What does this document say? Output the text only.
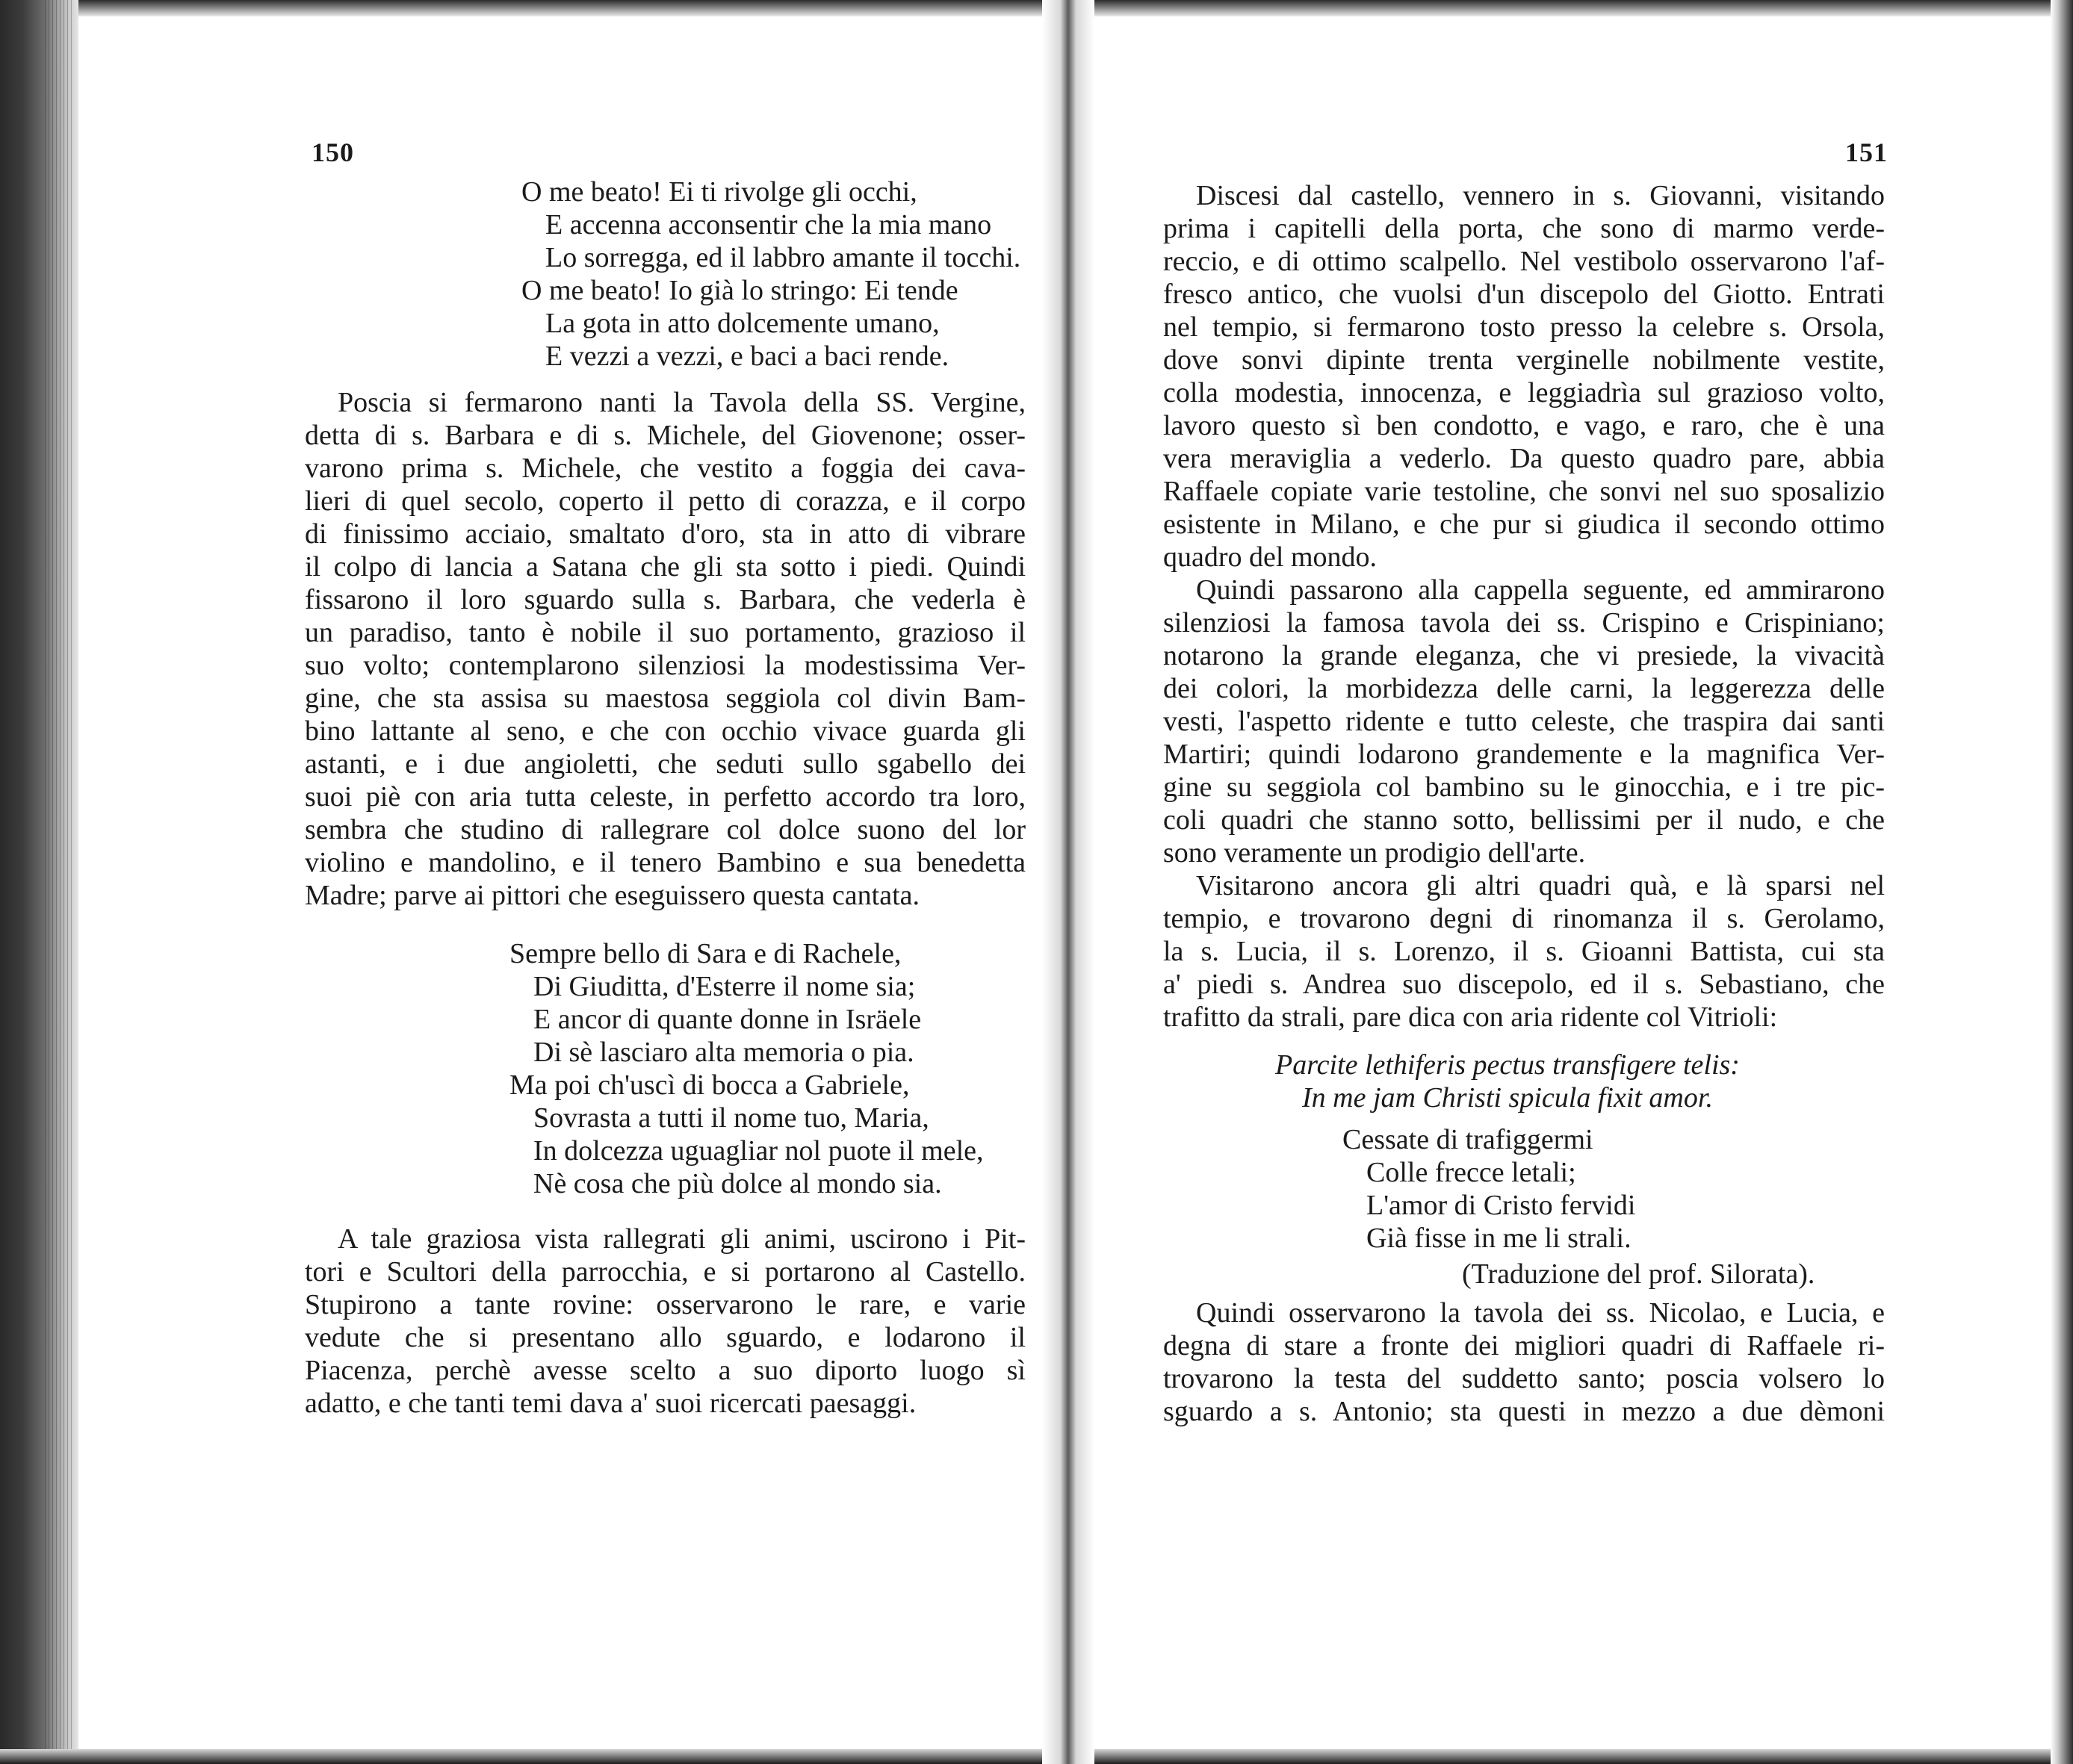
150
O me beato! Ei ti rivolge gli occhi,
E accenna acconsentir che la mia mano
Lo sorregga, ed il labbro amante il tocchi.
O me beato! Io già lo stringo: Ei tende
La gota in atto dolcemente umano,
E vezzi a vezzi, e baci a baci rende.
Poscia si fermarono nanti la Tavola della SS. Vergine,
detta di s. Barbara e di s. Michele, del Giovenone; osser-
varono prima s. Michele, che vestito a foggia dei cava-
lieri di quel secolo, coperto il petto di corazza, e il corpo
di finissimo acciaio, smaltato d'oro, sta in atto di vibrare
il colpo di lancia a Satana che gli sta sotto i piedi. Quindi
fissarono il loro sguardo sulla s. Barbara, che vederla è
un paradiso, tanto è nobile il suo portamento, grazioso il
suo volto; contemplarono silenziosi la modestissima Ver-
gine, che sta assisa su maestosa seggiola col divin Bam-
bino lattante al seno, e che con occhio vivace guarda gli
astanti, e i due angioletti, che seduti sullo sgabello dei
suoi piè con aria tutta celeste, in perfetto accordo tra loro,
sembra che studino di rallegrare col dolce suono del lor
violino e mandolino, e il tenero Bambino e sua benedetta
Madre; parve ai pittori che eseguissero questa cantata.
Sempre bello di Sara e di Rachele,
Di Giuditta, d'Esterre il nome sia;
E ancor di quante donne in Isräele
Di sè lasciaro alta memoria o pia.
Ma poi ch'uscì di bocca a Gabriele,
Sovrasta a tutti il nome tuo, Maria,
In dolcezza uguagliar nol puote il mele,
Nè cosa che più dolce al mondo sia.
A tale graziosa vista rallegrati gli animi, uscirono i Pit-
tori e Scultori della parrocchia, e si portarono al Castello.
Stupirono a tante rovine: osservarono le rare, e varie
vedute che si presentano allo sguardo, e lodarono il
Piacenza, perchè avesse scelto a suo diporto luogo sì
adatto, e che tanti temi dava a' suoi ricercati paesaggi.
151
Discesi dal castello, vennero in s. Giovanni, visitando
prima i capitelli della porta, che sono di marmo verde-
reccio, e di ottimo scalpello. Nel vestibolo osservarono l'af-
fresco antico, che vuolsi d'un discepolo del Giotto. Entrati
nel tempio, si fermarono tosto presso la celebre s. Orsola,
dove sonvi dipinte trenta verginelle nobilmente vestite,
colla modestia, innocenza, e leggiadrìa sul grazioso volto,
lavoro questo sì ben condotto, e vago, e raro, che è una
vera meraviglia a vederlo. Da questo quadro pare, abbia
Raffaele copiate varie testoline, che sonvi nel suo sposalizio
esistente in Milano, e che pur si giudica il secondo ottimo
quadro del mondo.
Quindi passarono alla cappella seguente, ed ammirarono
silenziosi la famosa tavola dei ss. Crispino e Crispiniano;
notarono la grande eleganza, che vi presiede, la vivacità
dei colori, la morbidezza delle carni, la leggerezza delle
vesti, l'aspetto ridente e tutto celeste, che traspira dai santi
Martiri; quindi lodarono grandemente e la magnifica Ver-
gine su seggiola col bambino su le ginocchia, e i tre pic-
coli quadri che stanno sotto, bellissimi per il nudo, e che
sono veramente un prodigio dell'arte.
Visitarono ancora gli altri quadri quà, e là sparsi nel
tempio, e trovarono degni di rinomanza il s. Gerolamo,
la s. Lucia, il s. Lorenzo, il s. Gioanni Battista, cui sta
a' piedi s. Andrea suo discepolo, ed il s. Sebastiano, che
trafitto da strali, pare dica con aria ridente col Vitrioli:
Parcite lethiferis pectus transfigere telis:
In me jam Christi spicula fixit amor.
Cessate di trafiggermi
Colle frecce letali;
L'amor di Cristo fervidi
Già fisse in me li strali.
(Traduzione del prof. Silorata).
Quindi osservarono la tavola dei ss. Nicolao, e Lucia, e
degna di stare a fronte dei migliori quadri di Raffaele ri-
trovarono la testa del suddetto santo; posciа volsero lo
sguardo a s. Antonio; sta questi in mezzo a due dèmoni
